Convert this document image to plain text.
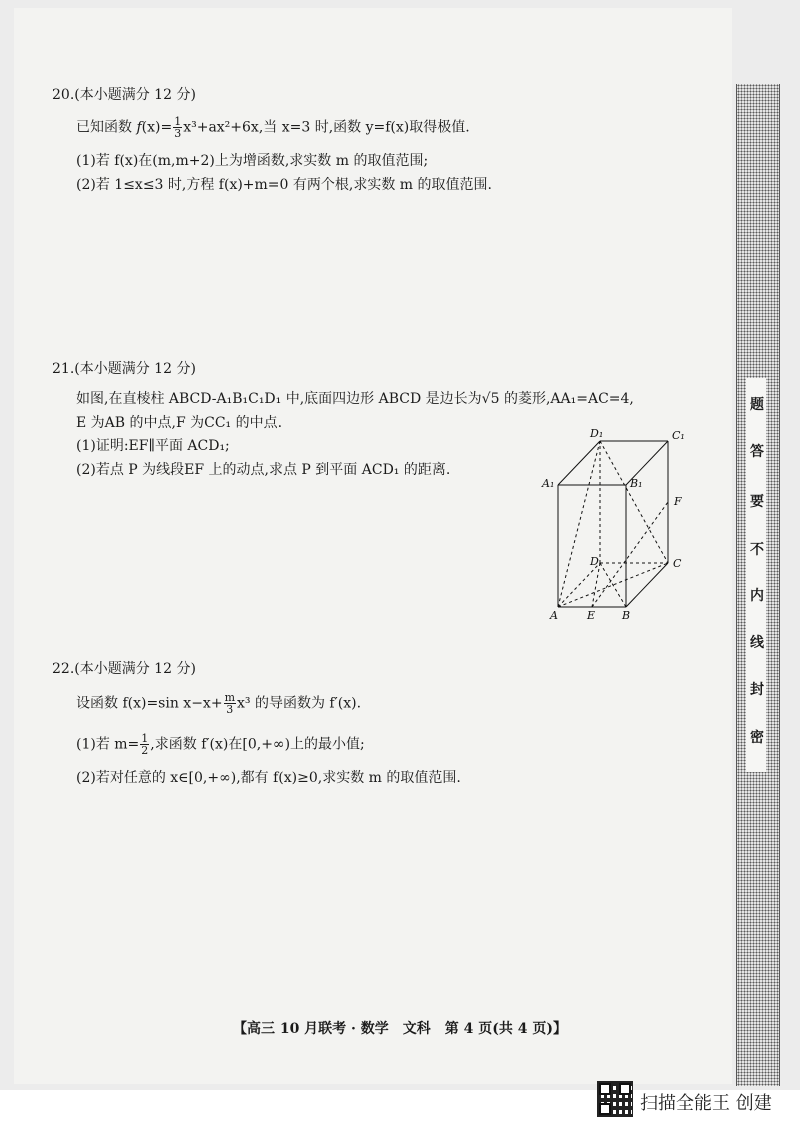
20.(本小题满分 12 分)
已知函数 $f(x)= \frac{1}{3} x^3+ax^2+6x$,当 x=3 时,函数 y=f(x)取得极值.
(1)若 f(x)在(m,m+2)上为增函数,求实数 m 的取值范围;
(2)若 1≤x≤3 时,方程 f(x)+m=0 有两个根,求实数 m 的取值范围.
21.(本小题满分 12 分)
如图,在直棱柱 ABCD-A₁B₁C₁D₁ 中,底面四边形 ABCD 是边长为√5 的菱形,AA₁=AC=4,
E 为AB 的中点,F 为CC₁ 的中点.
(1)证明:EF∥平面 ACD₁;
(2)若点 P 为线段EF 上的动点,求点 P 到平面 ACD₁ 的距离.
D₁	C₁
A₁	B₁
F
D	C
A	E B
22.(本小题满分 12 分)
设函数 f(x)=sin $x-x+ \frac{m}{3} x^3$ 的导函数为 f′(x).
(1)若 $m= \frac{1}{2}$ ,求函数 f′(x)在[0,+∞)上的最小值;
(2)若对任意的 x∈[0,+∞),都有 f(x)≥0,求实数 m 的取值范围.
题
答
要
不
内
线
封
密
【高三 10 月联考 · 数学　文科　第 4 页(共 4 页)】
扫描全能王 创建
